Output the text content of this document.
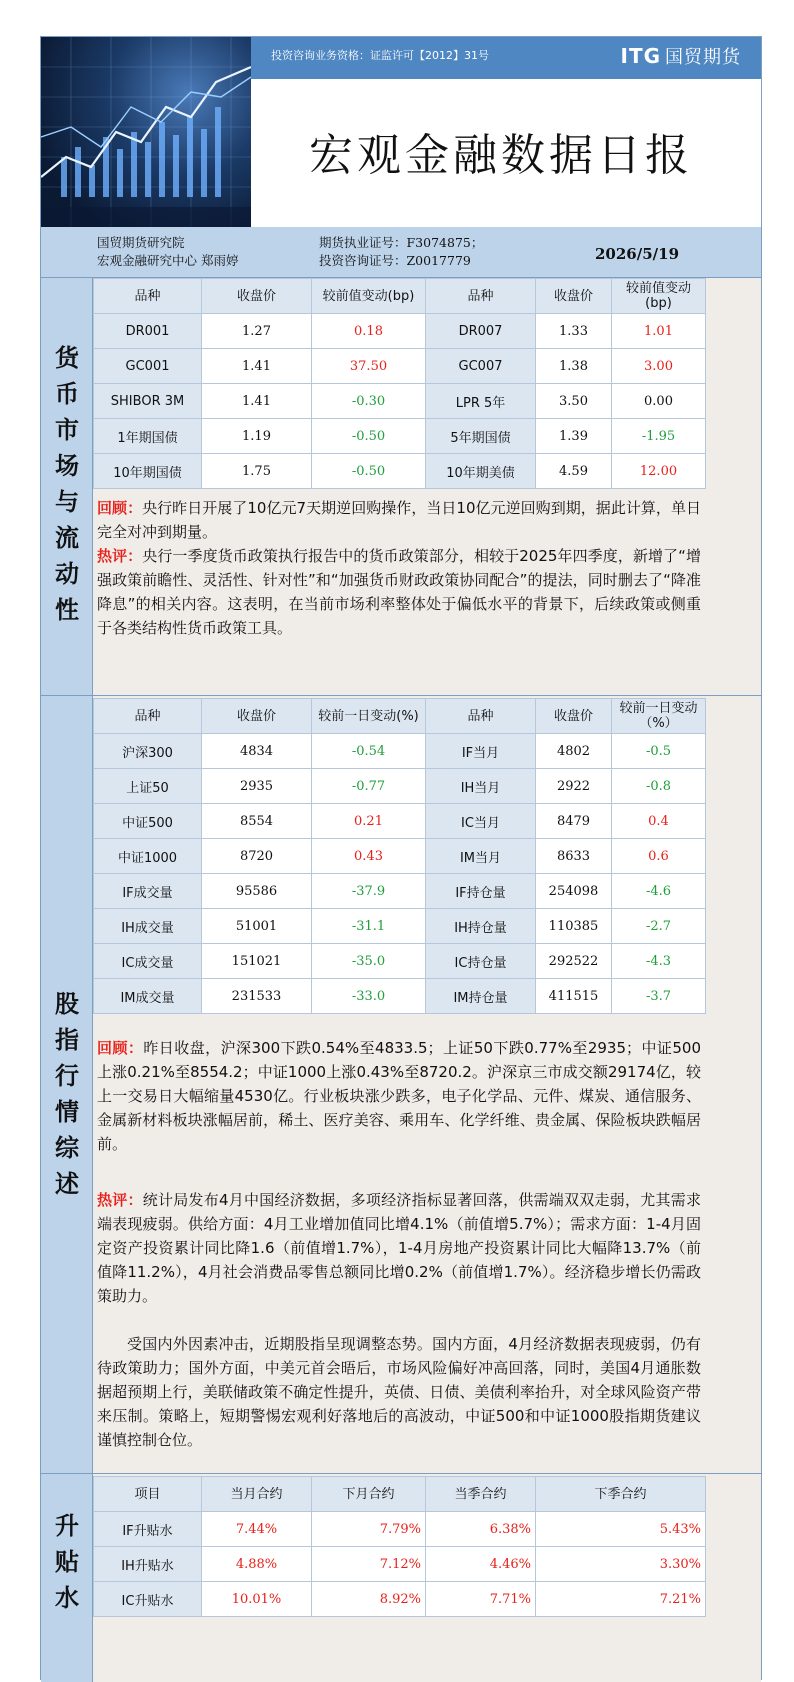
投资咨询业务资格：证监许可【2012】31号	ITG 国贸期货
宏观金融数据日报
国贸期货研究院
宏观金融研究中心 郑雨婷
期货执业证号：F3074875；
投资咨询证号：Z0017779	2026/5/19
货
币
市
场
与
流
动
性
品种	收盘价	较前值变动(bp)	品种	收盘价	较前值变动(bp)
DR001	1.27	0.18	DR007	1.33	1.01
GC001	1.41	37.50	GC007	1.38	3.00
SHIBOR 3M	1.41	-0.30	LPR 5年	3.50	0.00
1年期国债	1.19	-0.50	5年期国债	1.39	-1.95
10年期国债	1.75	-0.50	10年期美债	4.59	12.00
回顾：央行昨日开展了10亿元7天期逆回购操作，当日10亿元逆回购到期，据此计算，单日完全对冲到期量。
热评：央行一季度货币政策执行报告中的货币政策部分，相较于2025年四季度，新增了“增强政策前瞻性、灵活性、针对性”和“加强货币财政政策协同配合”的提法，同时删去了“降准降息”的相关内容。这表明，在当前市场利率整体处于偏低水平的背景下，后续政策或侧重于各类结构性货币政策工具。
股
指
行
情
综
述
品种	收盘价	较前一日变动(%)	品种	收盘价	较前一日变动（%）
沪深300	4834	-0.54	IF当月	4802	-0.5
上证50	2935	-0.77	IH当月	2922	-0.8
中证500	8554	0.21	IC当月	8479	0.4
中证1000	8720	0.43	IM当月	8633	0.6
IF成交量	95586	-37.9	IF持仓量	254098	-4.6
IH成交量	51001	-31.1	IH持仓量	110385	-2.7
IC成交量	151021	-35.0	IC持仓量	292522	-4.3
IM成交量	231533	-33.0	IM持仓量	411515	-3.7
回顾：昨日收盘，沪深300下跌0.54%至4833.5；上证50下跌0.77%至2935；中证500上涨0.21%至8554.2；中证1000上涨0.43%至8720.2。沪深京三市成交额29174亿，较上一交易日大幅缩量4530亿。行业板块涨少跌多，电子化学品、元件、煤炭、通信服务、金属新材料板块涨幅居前，稀土、医疗美容、乘用车、化学纤维、贵金属、保险板块跌幅居前。
热评：统计局发布4月中国经济数据，多项经济指标显著回落，供需端双双走弱，尤其需求端表现疲弱。供给方面：4月工业增加值同比增4.1%（前值增5.7%）；需求方面：1-4月固定资产投资累计同比降1.6（前值增1.7%），1-4月房地产投资累计同比大幅降13.7%（前值降11.2%），4月社会消费品零售总额同比增0.2%（前值增1.7%）。经济稳步增长仍需政策助力。
受国内外因素冲击，近期股指呈现调整态势。国内方面，4月经济数据表现疲弱，仍有待政策助力；国外方面，中美元首会晤后，市场风险偏好冲高回落，同时，美国4月通胀数据超预期上行，美联储政策不确定性提升，英债、日债、美债利率抬升，对全球风险资产带来压制。策略上，短期警惕宏观利好落地后的高波动，中证500和中证1000股指期货建议谨慎控制仓位。
升
贴
水
项目	当月合约	下月合约	当季合约	下季合约
IF升贴水	7.44%	7.79%	6.38%	5.43%
IH升贴水	4.88%	7.12%	4.46%	3.30%
IC升贴水	10.01%	8.92%	7.71%	7.21%
